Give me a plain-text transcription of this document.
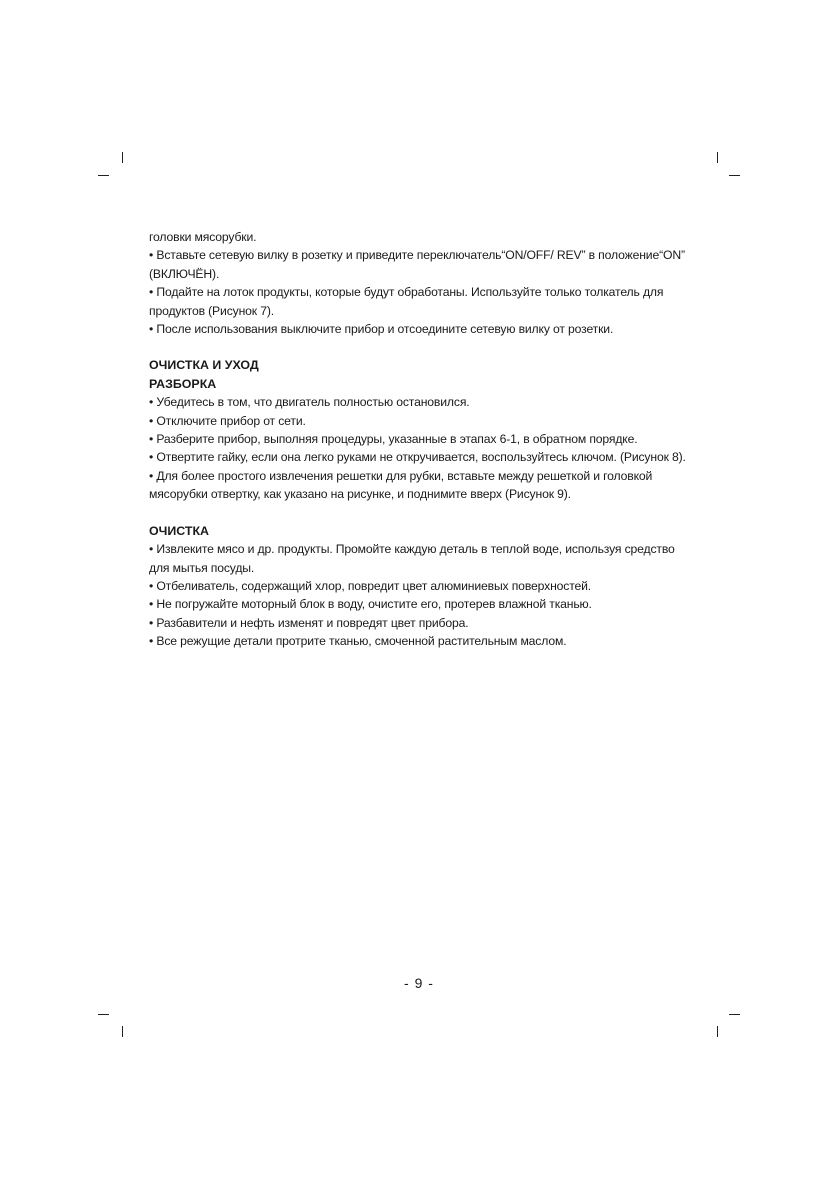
головки мясорубки.

• Вставьте сетевую вилку в розетку и приведите переключатель“ON/OFF/ REV” в положение“ON” (ВКЛЮЧЁН).

• Подайте на лоток продукты, которые будут обработаны. Используйте только толкатель для продуктов (Рисунок 7).

• После использования выключите прибор и отсоедините сетевую вилку от розетки.

ОЧИСТКА И УХОД

РАЗБОРКА

• Убедитесь в том, что двигатель полностью остановился.

• Отключите прибор от сети.

• Разберите прибор, выполняя процедуры, указанные в этапах 6-1, в обратном порядке.

• Отвертите гайку, если она легко руками не откручивается, воспользуйтесь ключом. (Рисунок 8).

• Для более простого извлечения решетки для рубки, вставьте между решеткой и головкой мясорубки отвертку, как указано на рисунке, и поднимите вверх (Рисунок 9).

ОЧИСТКА

• Извлеките мясо и др. продукты. Промойте каждую деталь в теплой воде, используя средство для мытья посуды.

• Отбеливатель, содержащий хлор, повредит цвет алюминиевых поверхностей.

• Не погружайте моторный блок в воду, очистите его, протерев влажной тканью.

• Разбавители и нефть изменят и повредят цвет прибора.

• Все режущие детали протрите тканью, смоченной растительным маслом.

- 9 -
